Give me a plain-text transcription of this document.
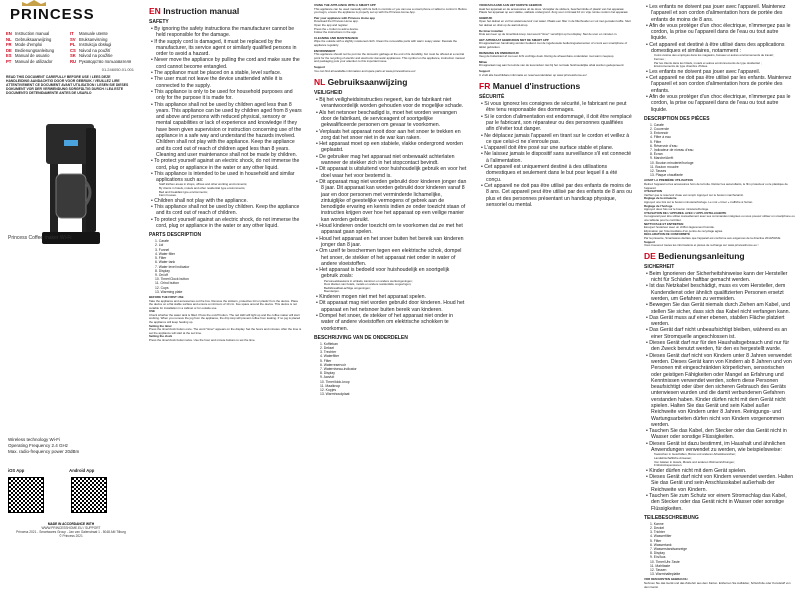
PRINCESS
EN Instruction manual
NL Gebruiksaanwijzing
FR Mode d'emploi
DE Bedienungsanleitung
ES Manual de usuario
PT Manual de utilizador
IT Manuale utente
SV Bruksanvisning
PL Instrukcja obsługi
CS Návod na použití
SK Návod na použitie
RU Руководство пользователя
01.246050.01.001
READ THIS DOCUMENT CAREFULLY BEFORE USE / LEES DEZE HANDLEIDING AANDACHTIG DOOR VOOR GEBRUIK / VEUILLEZ LIRE ATTENTIVEMENT CE DOCUMENT AVANT UTILISATION / LESEN SIE DIESES DOKUMENT VOR DER VERWENDUNG SORGFÄLTIG DURCH / LEA ESTE DOCUMENTO DETENIDAMENTE ANTES DE USARLO
Princess Coffee maker Wi-Fi
Wireless technology Wi-Fi
Operating Frequency 2.4 GHz
Max. radio-frequency power 20dBm
iOS App	Android App

MADE IN ACCORDANCE WITH
WWW.PRINCESSHOME.EU / SUPPORT
Princess 2021 - Smartwares Group - Jan van Galenstraat 1 - 5048 AM Tilburg
© Princess 2021
EN Instruction manual
SAFETY

• By ignoring the safety instructions the manufacturer cannot be held responsible for the damage.

• If the supply cord is damaged, it must be replaced by the manufacturer, its service agent or similarly qualified persons in order to avoid a hazard.

• Never move the appliance by pulling the cord and make sure the cord cannot become entangled.

• The appliance must be placed on a stable, level surface.

• The user must not leave the device unattended while it is connected to the supply.

• This appliance is only to be used for household purposes and only for the purpose it is made for.

• This appliance shall not be used by children aged less than 8 years. This appliance can be used by children aged from 8 years and above and persons with reduced physical, sensory or mental capabilities or lack of experience and knowledge if they have been given supervision or instruction concerning use of the appliance in a safe way and understand the hazards involved. Children shall not play with the appliance. Keep the appliance and its cord out of reach of children aged less than 8 years. Cleaning and user maintenance shall not be made by children.

• To protect yourself against an electric shock, do not immerse the cord, plug or appliance in the water or any other liquid.

• This appliance is intended to be used in household and similar applications such as:

Staff kitchen areas in shops, offices and other working environments;
By clients in hotels, motels and other residential type environments;
Bed and breakfast type environments;
Farm houses.

• Children shall not play with the appliance.

• This appliance shall not be used by children. Keep the appliance and its cord out of reach of children.

• To protect yourself against an electric shock, do not immerse the cord, plug or appliance in the water or any other liquid.

PARTS DESCRIPTION
1. Carafe
2. Lid
3. Funnel
4. Water filter
5. Filter
6. Water tank
7. Water level indicator
8. Display
9. On/off
10. Timer/Clock button
11. Grind button
12. Cups
13. Warming plate
BEFORE THE FIRST USE
Take the appliance and accessories out the box. Remove the stickers, protective foil or plastic from the device. Place the device on a flat stable surface and ensure a minimum of 10 cm. free space around the device. This device is not suitable for installation in a cabinet or for outside use.
USE
Check whether the water tank is filled. Press the on/off button. The red LED will light up and the coffee maker will start working. When you remove the jug from the appliance, the drip stop will prevent coffee from leaking. If no jug is placed the appliance will keep heating up.
Setting the timer
Press the timer/clock button once. The word "timer" appears on the display. Set the hours and minutes. After the time is set the appliance will start at the set time.
Setting the clock
Press the timer/clock button twice. Use the hour and minute buttons to set the time.
USING THE APPLIANCE WITH A SMART APP
This appliance can be used manually with its built-in controls or you can use a smart phone or tablet to control it. Before you begin, ensure the appliance is properly set up with the Princess Home App.
Pair your appliance with Princess Home app
Download the Princess Home app.
Open the app and register.
Press the + button to add a device.
Follow the instructions in the app.
CLEANING AND MAINTENANCE
Wipe the outside with a slightly moistened cloth. Clean the removable parts with warm soapy water. Descale the appliance regularly.
ENVIRONMENT
This appliance should not be put into the domestic garbage at the end of its durability, but must be offered at a central point for the recycling of electric and electronic domestic appliances. This symbol on the appliance, instruction manual and packaging puts your attention to this important issue.
Support
You can find all available information and spare parts at www.princesshome.eu!
NL Gebruiksaanwijzing
VEILIGHEID

• Bij het veiligheidsinstructies negeert, kan de fabrikant niet verantwoordelijk worden gehouden voor de mogelijke schade.

• Als het netsnoer beschadigd is, moet het worden vervangen door de fabrikant, de serviceagent of soortgelijke gekwalificeerde personen om gevaar te voorkomen.

• Verplaats het apparaat nooit door aan het snoer te trekken en zorg dat het snoer niet in de war kan raken.

• Het apparaat moet op een stabiele, vlakke ondergrond worden geplaatst.

• De gebruiker mag het apparaat niet onbewaakt achterlaten wanneer de stekker zich in het stopcontact bevindt.

• Dit apparaat is uitsluitend voor huishoudelijk gebruik en voor het doel waar het voor bestemd is.

• Dit apparaat mag niet worden gebruikt door kinderen jonger dan 8 jaar. Dit apparaat kan worden gebruikt door kinderen vanaf 8 jaar en door personen met verminderde lichamelijke, zintuiglijke of geestelijke vermogens of gebrek aan de benodigde ervaring en kennis indien ze onder toezicht staan of instructies krijgen over hoe het apparaat op een veilige manier kan worden gebruikt.

• Houd kinderen onder toezicht om te voorkomen dat ze met het apparaat gaan spelen.

• Houd het apparaat en het snoer buiten het bereik van kinderen jonger dan 8 jaar.

• Om uzelf te beschermen tegen een elektrische schok, dompel het snoer, de stekker of het apparaat niet onder in water of andere vloeistoffen.

• Het apparaat is bedoeld voor huishoudelijk en soortgelijk gebruik zoals:

Personeelskeukens in winkels, kantoren en andere werkomgevingen;
Door klanten van hotels, motels en andere residentiële omgevingen;
Bed&breakfast-achtige omgevingen;
Boerderijen.

• Kinderen mogen niet met het apparaat spelen.

• Dit apparaat mag niet worden gebruikt door kinderen. Houd het apparaat en het netsnoer buiten bereik van kinderen.

• Dompel het snoer, de stekker of het apparaat niet onder in water of andere vloeistoffen om elektrische schokken te voorkomen.

BESCHRIJVING VAN DE ONDERDELEN
1. Koffiekan
2. Deksel
3. Trechter
4. Waterfilter
5. Filter
6. Waterreservoir
7. Waterniveau-indicator
8. Display
9. Aan/uit
10. Timer/klok-knop
11. Maalknop
12. Kopjes
13. Warmhoudplaat
VOORAFGAAND AAN HET EERSTE GEBRUIK
Haal het apparaat en de accessoires uit de doos. Verwijder de stickers, beschermfolie of plastic van het apparaat. Plaats het apparaat op een vlakke, stabiele ondergrond. Zorg voor minimaal 10 cm vrije ruimte rondom het apparaat.
GEBRUIK
Open het deksel en vul het waterreservoir met water. Plaats een filter in de filterhouder en vul met gemalen koffie. Sluit het deksel en druk op de aan/uit-knop.
De timer instellen
Druk één keer op de timer/klok-knop. Het woord "timer" verschijnt op het display. Stel de uren en minuten in.
HET APPARAAT GEBRUIKEN MET DE SMART APP
Dit apparaat kan handmatig worden bediend met de ingebouwde bedieningselementen of u kunt een smartphone of tablet gebruiken.
REINIGING EN ONDERHOUD
Veeg de buitenkant af met een licht vochtige doek. Reinig de afneembare onderdelen met warm zeepsop.
Milieu
Dit apparaat mag aan het einde van de levensduur niet bij het normale huishoudelijke afval worden gedeponeerd.
Support
U vindt alle beschikbare informatie en reserveonderdelen op www.princesshome.eu!
FR Manuel d'instructions
SÉCURITÉ

• Si vous ignorez les consignes de sécurité, le fabricant ne peut être tenu responsable des dommages.

• Si le cordon d'alimentation est endommagé, il doit être remplacé par le fabricant, son réparateur ou des personnes qualifiées afin d'éviter tout danger.

• Ne déplacez jamais l'appareil en tirant sur le cordon et veillez à ce que celui-ci ne s'enroule pas.

• L'appareil doit être posé sur une surface stable et plane.

• Ne laissez jamais le dispositif sans surveillance s'il est connecté à l'alimentation.

• Cet appareil est uniquement destiné à des utilisations domestiques et seulement dans le but pour lequel il a été conçu.

• Cet appareil ne doit pas être utilisé par des enfants de moins de 8 ans. Cet appareil peut être utilisé par des enfants de 8 ans ou plus et des personnes présentant un handicap physique, sensoriel ou mental.

• Les enfants ne doivent pas jouer avec l'appareil. Maintenez l'appareil et son cordon d'alimentation hors de portée des enfants de moins de 8 ans.

• Afin de vous protéger d'un choc électrique, n'immergez pas le cordon, la prise ou l'appareil dans de l'eau ou tout autre liquide.

• Cet appareil est destiné à être utilisé dans des applications domestiques et similaires, notamment :

Coins cuisine des employés dans les magasins, bureaux et autres environnements de travail ;
Fermes ;
Par les clients dans les hôtels, motels et autres environnements de type résidentiel ;
Environnements de type chambre d'hôtes.

• Les enfants ne doivent pas jouer avec l'appareil.

• Cet appareil ne doit pas être utilisé par les enfants. Maintenez l'appareil et son cordon d'alimentation hors de portée des enfants.

• Afin de vous protéger d'un choc électrique, n'immergez pas le cordon, la prise ou l'appareil dans de l'eau ou tout autre liquide.

DESCRIPTION DES PIÈCES
1. Carafe
2. Couvercle
3. Entonnoir
4. Filtre à eau
5. Filtre
6. Réservoir d'eau
7. Indicateur de niveau d'eau
8. Écran
9. Marche/Arrêt
10. Bouton minuterie/horloge
11. Bouton moudre
12. Tasses
13. Plaque chauffante
AVANT LA PREMIÈRE UTILISATION
Retirez l'appareil et les accessoires hors de la boîte. Retirez les autocollants, le film protecteur ou le plastique de l'appareil.
UTILISATION
Vérifiez que le réservoir d'eau est rempli. Appuyez sur le bouton marche/arrêt.
Réglage de la minuterie
Appuyez une fois sur le bouton minuterie/horloge. Le mot « timer » s'affiche à l'écran.
Réglage de l'horloge
Appuyez deux fois sur le bouton minuterie/horloge.
UTILISATION DE L'APPAREIL AVEC L'APPLI INTELLIGENTE
Cet appareil peut être utilisé manuellement avec ses commandes intégrées ou vous pouvez utiliser un smartphone ou une tablette pour le contrôler.
NETTOYAGE ET ENTRETIEN
Essuyez l'extérieur avec un chiffon légèrement humide.
Elimination par l'intermédiaire d'un centre de recyclage agréé.
DÉCLARATION DE CONFORMITÉ
Par la présente, Smartwares déclare que l'appareil est conforme aux exigences de la directive 2014/53/UE.
Support
Vous trouverez toutes les informations et pièces de rechange sur www.princesshome.eu !
DE Bedienungsanleitung
SICHERHEIT

• Beim Ignorieren der Sicherheitshinweise kann der Hersteller nicht für Schäden haftbar gemacht werden.

• Ist das Netzkabel beschädigt, muss es vom Hersteller, dem Kundendienst oder ähnlich qualifizierten Personen ersetzt werden, um Gefahren zu vermeiden.

• Bewegen Sie das Gerät niemals durch Ziehen am Kabel, und stellen Sie sicher, dass sich das Kabel nicht verfangen kann.

• Das Gerät muss auf einer ebenen, stabilen Fläche platziert werden.

• Das Gerät darf nicht unbeaufsichtigt bleiben, während es an einer Stromquelle angeschlossen ist.

• Dieses Gerät darf nur für den Haushaltsgebrauch und nur für den Zweck benutzt werden, für den es hergestellt wurde.

• Dieses Gerät darf nicht von Kindern unter 8 Jahren verwendet werden. Dieses Gerät kann von Kindern ab 8 Jahren und von Personen mit eingeschränkten körperlichen, sensorischen oder geistigen Fähigkeiten oder Mangel an Erfahrung und Kenntnissen verwendet werden, sofern diese Personen beaufsichtigt oder über den sicheren Gebrauch des Geräts unterwiesen wurden und die damit verbundenen Gefahren verstanden haben. Kinder dürfen nicht mit dem Gerät nicht spielen. Halten Sie das Gerät und sein Kabel außer Reichweite von Kindern unter 8 Jahren. Reinigungs- und Wartungsarbeiten dürfen nicht von Kindern vorgenommen werden.

• Tauchen Sie das Kabel, den Stecker oder das Gerät nicht in Wasser oder sonstige Flüssigkeiten.

• Dieses Gerät ist dazu bestimmt, im Haushalt und ähnlichen Anwendungen verwendet zu werden, wie beispielsweise:

Teeküchen in Geschäften, Büros und anderen Arbeitsbereichen;
Landwirtschaftliche Anwesen;
Von Gästen in Hotels, Motels und anderen Wohneinrichtungen;
Frühstückspensionen.

• Kinder dürfen nicht mit dem Gerät spielen.

• Dieses Gerät darf nicht von Kindern verwendet werden. Halten Sie das Gerät und sein Anschlusskabel außerhalb der Reichweite von Kindern.

• Tauchen Sie zum Schutz vor einem Stromschlag das Kabel, den Stecker oder das Gerät nicht in Wasser oder sonstige Flüssigkeiten.

TEILEBESCHREIBUNG
1. Kanne
2. Deckel
3. Trichter
4. Wasserfilter
5. Filter
6. Wassertank
7. Wasserstandsanzeige
8. Display
9. Ein/Aus
10. Timer/Uhr-Taste
11. Mahltaste
12. Tassen
13. Warmhalteplatte
VOR DEM ERSTEN GEBRAUCH
Nehmen Sie das Gerät und das Zubehör aus dem Karton. Entfernen Sie Aufkleber, Schutzfolie oder Kunststoff von dem Gerät.
